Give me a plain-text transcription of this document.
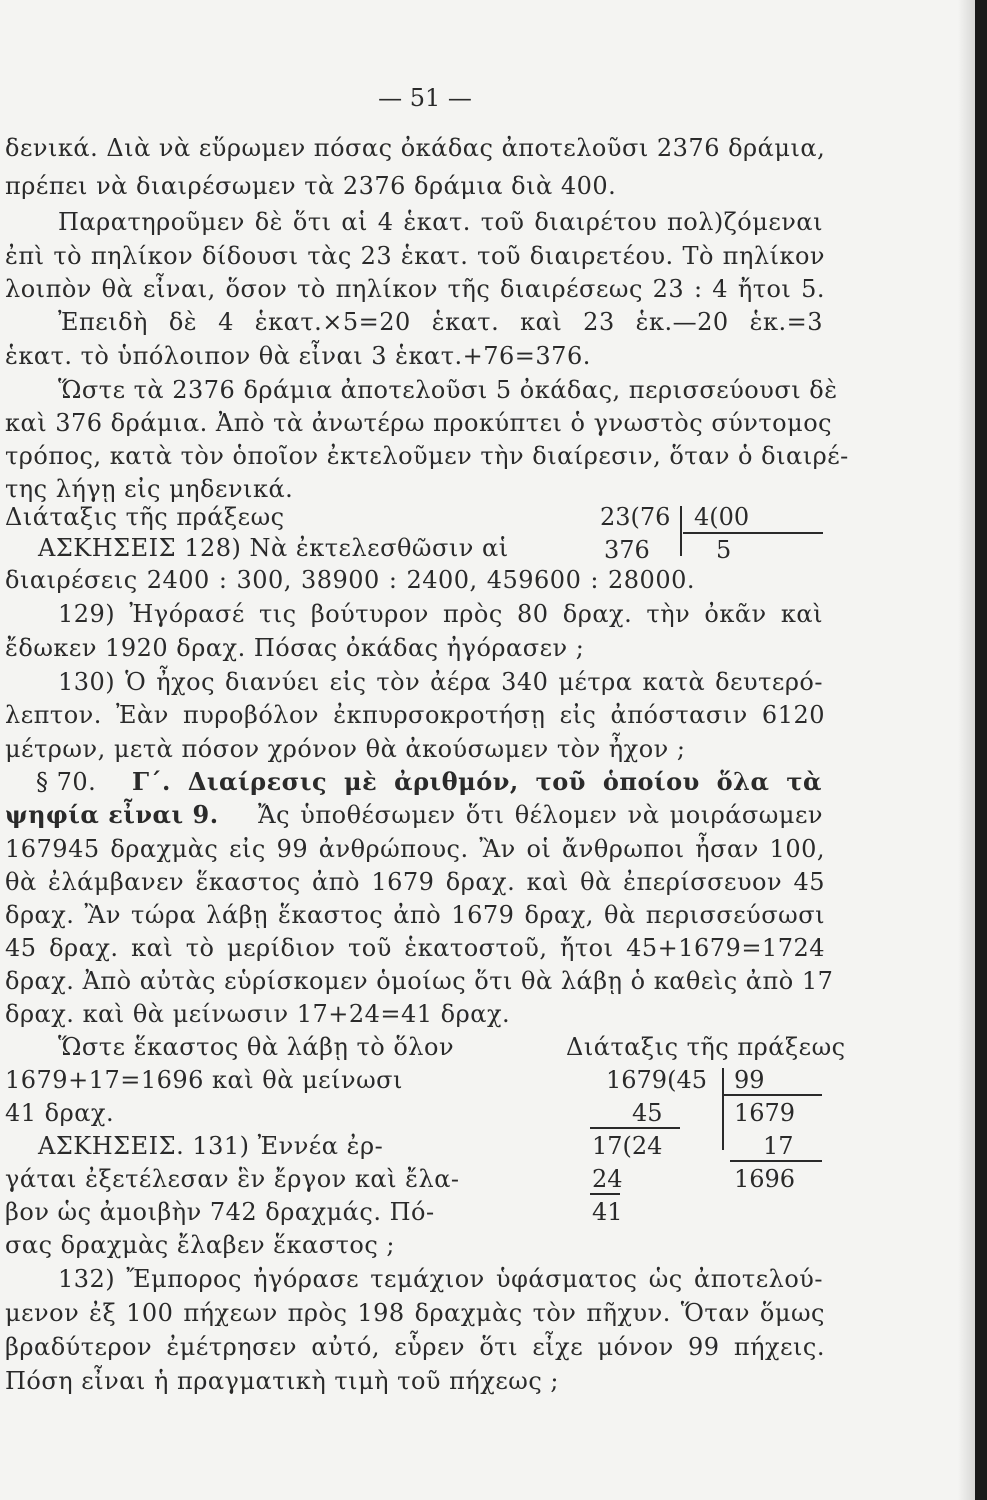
— 51 —
δενικά. Διὰ νὰ εὕρωμεν πόσας ὀκάδας ἀποτελοῦσι 2376 δράμια,
πρέπει νὰ διαιρέσωμεν τὰ 2376 δράμια διὰ 400.
Παρατηροῦμεν δὲ ὅτι αἱ 4 ἑκατ. τοῦ διαιρέτου πολ)ζόμεναι
ἐπὶ τὸ πηλίκον δίδουσι τὰς 23 ἑκατ. τοῦ διαιρετέου. Τὸ πηλίκον
λοιπὸν θὰ εἶναι, ὅσον τὸ πηλίκον τῆς διαιρέσεως 23 : 4 ἤτοι 5.
Ἐπειδὴ δὲ 4 ἑκατ.×5=20 ἑκατ. καὶ 23 ἑκ.—20 ἑκ.=3
ἑκατ. τὸ ὑπόλοιπον θὰ εἶναι 3 ἑκατ.+76=376.
Ὥστε τὰ 2376 δράμια ἀποτελοῦσι 5 ὀκάδας, περισσεύουσι δὲ
καὶ 376 δράμια. Ἀπὸ τὰ ἀνωτέρω προκύπτει ὁ γνωστὸς σύντομος
τρόπος, κατὰ τὸν ὁποῖον ἐκτελοῦμεν τὴν διαίρεσιν, ὅταν ὁ διαιρέ-
της λήγῃ εἰς μηδενικά.
Διάταξις τῆς πράξεως
ΑΣΚΗΣΕΙΣ 128) Νὰ ἐκτελεσθῶσιν αἱ
23(76 4(00
376	5
διαιρέσεις 2400 : 300, 38900 : 2400, 459600 : 28000.
129) Ἠγόρασέ τις βούτυρον πρὸς 80 δραχ. τὴν ὀκᾶν καὶ
ἔδωκεν 1920 δραχ. Πόσας ὀκάδας ἠγόρασεν ;
130) Ὁ ἦχος διανύει εἰς τὸν ἀέρα 340 μέτρα κατὰ δευτερό-
λεπτον. Ἐὰν πυροβόλον ἐκπυρσοκροτήσῃ εἰς ἀπόστασιν 6120
μέτρων, μετὰ πόσον χρόνον θὰ ἀκούσωμεν τὸν ἦχον ;
§ 70. Γ΄. Διαίρεσις μὲ ἀριθμόν, τοῦ ὁποίου ὅλα τὰ
ψηφία εἶναι 9. Ἄς ὑποθέσωμεν ὅτι θέλομεν νὰ μοιράσωμεν
167945 δραχμὰς εἰς 99 ἀνθρώπους. Ἂν οἱ ἄνθρωποι ἦσαν 100,
θὰ ἐλάμβανεν ἕκαστος ἀπὸ 1679 δραχ. καὶ θὰ ἐπερίσσευον 45
δραχ. Ἂν τώρα λάβῃ ἕκαστος ἀπὸ 1679 δραχ, θὰ περισσεύσωσι
45 δραχ. καὶ τὸ μερίδιον τοῦ ἑκατοστοῦ, ἤτοι 45+1679=1724
δραχ. Ἀπὸ αὐτὰς εὑρίσκομεν ὁμοίως ὅτι θὰ λάβῃ ὁ καθεὶς ἀπὸ 17
δραχ. καὶ θὰ μείνωσιν 17+24=41 δραχ.
Ὥστε ἕκαστος θὰ λάβῃ τὸ ὅλον	Διάταξις τῆς πράξεως
1679+17=1696 καὶ θὰ μείνωσι
41 δραχ.
ΑΣΚΗΣΕΙΣ. 131) Ἐννέα ἐρ-
γάται ἐξετέλεσαν ἓν ἔργον καὶ ἔλα-
βον ὡς ἀμοιβὴν 742 δραχμάς. Πό-
σας δραχμὰς ἔλαβεν ἕκαστος ;
1679(45 99
45	1679
17(24	17
24	1696
41
132) Ἔμπορος ἠγόρασε τεμάχιον ὑφάσματος ὡς ἀποτελού-
μενον ἐξ 100 πήχεων πρὸς 198 δραχμὰς τὸν πῆχυν. Ὅταν ὅμως
βραδύτερον ἐμέτρησεν αὐτό, εὗρεν ὅτι εἶχε μόνον 99 πήχεις.
Πόση εἶναι ἡ πραγματικὴ τιμὴ τοῦ πήχεως ;
